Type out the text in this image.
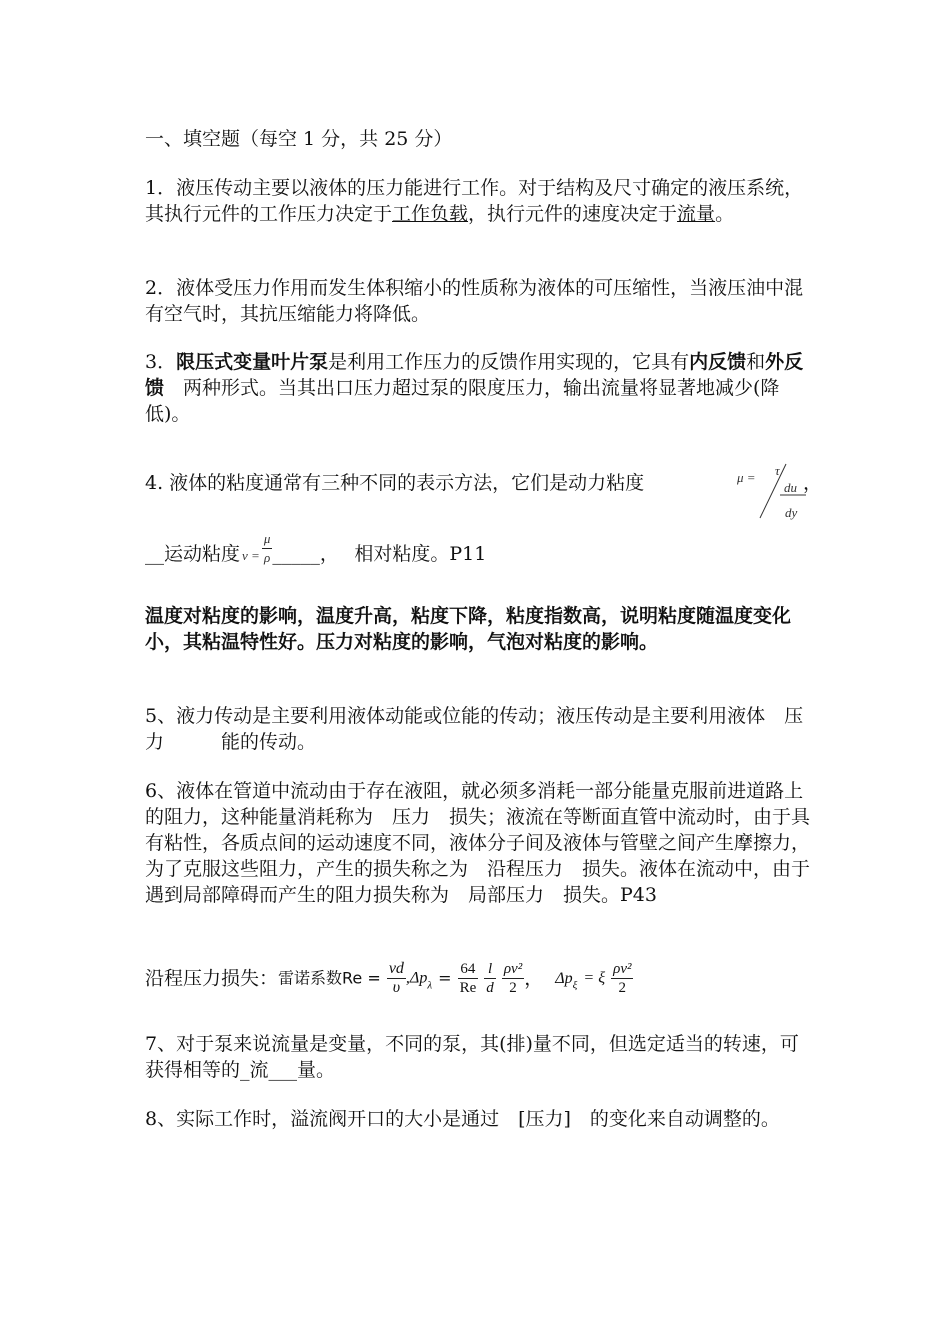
一、填空题（每空 1 分，共 25 分）

1．液压传动主要以液体的压力能进行工作。对于结构及尺寸确定的液压系统，其执行元件的工作压力决定于工作负载，执行元件的速度决定于流量。

2．液体受压力作用而发生体积缩小的性质称为液体的可压缩性，当液压油中混有空气时，其抗压缩能力将降低。

3．限压式变量叶片泵是利用工作压力的反馈作用实现的，它具有内反馈和外反馈　两种形式。当其出口压力超过泵的限度压力，输出流量将显著地减少(降低)。

4. 液体的粘度通常有三种不同的表示方法，它们是动力粘度	μ = τ
du
dy
，
__运动粘度 $\nu = \frac{\mu}{\rho}$ _____，　 相对粘度。P11

温度对粘度的影响，温度升高，粘度下降，粘度指数高，说明粘度随温度变化小，其粘温特性好。压力对粘度的影响，气泡对粘度的影响。

5、液力传动是主要利用液体动能或位能的传动；液压传动是主要利用液体　压力　　　能的传动。

6、液体在管道中流动由于存在液阻，就必须多消耗一部分能量克服前进道路上的阻力，这种能量消耗称为　压力　损失；液流在等断面直管中流动时，由于具有粘性，各质点间的运动速度不同，液体分子间及液体与管壁之间产生摩擦力，为了克服这些阻力，产生的损失称之为　沿程压力　损失。液体在流动中，由于遇到局部障碍而产生的阻力损失称为　局部压力　损失。P43

沿程压力损失：雷诺系数$Re = \frac{vd}{\upsilon} ,\Delta p_\lambda = \frac{64}{Re}$
$\frac{l}{d}$
$\frac{\text{ρv²}}{2}$ ， $\Delta p_\xi = \xi \frac{\text{ρv²}}{2}$

7、对于泵来说流量是变量，不同的泵，其(排)量不同，但选定适当的转速，可获得相等的_流___量。

8、实际工作时，溢流阀开口的大小是通过　[压力]　的变化来自动调整的。
